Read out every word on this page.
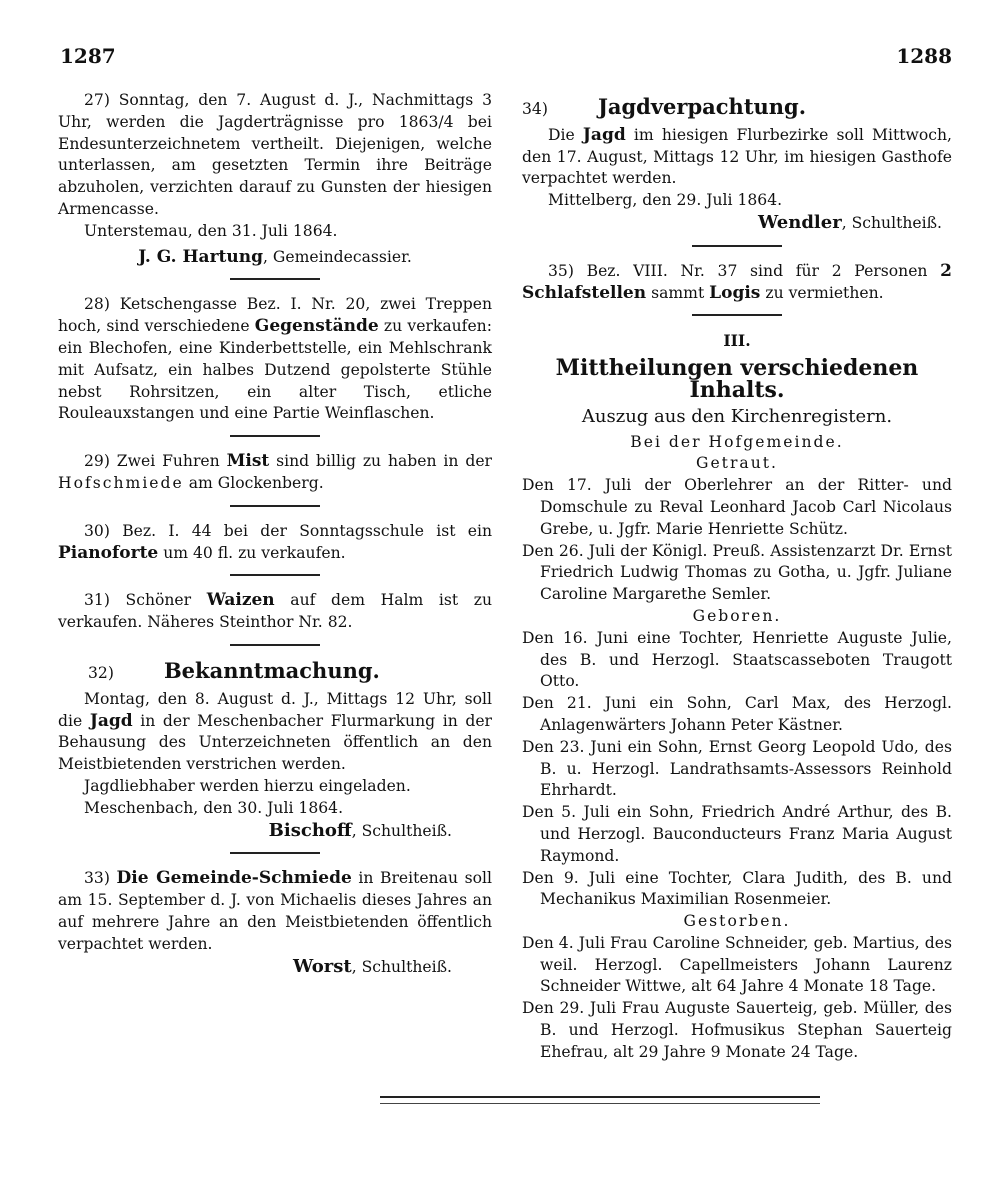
1287	1288

27) Sonntag, den 7. August d. J., Nachmittags 3 Uhr, werden die Jagderträgnisse pro 1863/4 bei Endesunterzeichnetem vertheilt. Diejenigen, welche unterlassen, am gesetzten Termin ihre Beiträge abzuholen, verzichten darauf zu Gunsten der hiesigen Armencasse.

Unterstemau, den 31. Juli 1864.

J. G. Hartung, Gemeindecassier.

28) Ketschengasse Bez. I. Nr. 20, zwei Treppen hoch, sind verschiedene Gegenstände zu verkaufen: ein Blechofen, eine Kinderbettstelle, ein Mehlschrank mit Aufsatz, ein halbes Dutzend gepolsterte Stühle nebst Rohrsitzen, ein alter Tisch, etliche Rouleauxstangen und eine Partie Weinflaschen.

29) Zwei Fuhren Mist sind billig zu haben in der Hofschmiede am Glockenberg.

30) Bez. I. 44 bei der Sonntagsschule ist ein Pianoforte um 40 fl. zu verkaufen.

31) Schöner Waizen auf dem Halm ist zu verkaufen. Näheres Steinthor Nr. 82.

32) Bekanntmachung.

Montag, den 8. August d. J., Mittags 12 Uhr, soll die Jagd in der Meschenbacher Flurmarkung in der Behausung des Unterzeichneten öffentlich an den Meistbietenden verstrichen werden.

Jagdliebhaber werden hierzu eingeladen.

Meschenbach, den 30. Juli 1864.

Bischoff, Schultheiß.

33) Die Gemeinde-Schmiede in Breitenau soll am 15. September d. J. von Michaelis dieses Jahres an auf mehrere Jahre an den Meistbietenden öffentlich verpachtet werden.

Worst, Schultheiß.

34) Jagdverpachtung.

Die Jagd im hiesigen Flurbezirke soll Mittwoch, den 17. August, Mittags 12 Uhr, im hiesigen Gasthofe verpachtet werden.

Mittelberg, den 29. Juli 1864.

Wendler, Schultheiß.

35) Bez. VIII. Nr. 37 sind für 2 Personen 2 Schlafstellen sammt Logis zu vermiethen.

III.

Mittheilungen verschiedenen Inhalts.

Auszug aus den Kirchenregistern.

Bei der Hofgemeinde.

Getraut.

Den 17. Juli der Oberlehrer an der Ritter- und Domschule zu Reval Leonhard Jacob Carl Nicolaus Grebe, u. Jgfr. Marie Henriette Schütz.

Den 26. Juli der Königl. Preuß. Assistenzarzt Dr. Ernst Friedrich Ludwig Thomas zu Gotha, u. Jgfr. Juliane Caroline Margarethe Semler.

Geboren.

Den 16. Juni eine Tochter, Henriette Auguste Julie, des B. und Herzogl. Staatscasseboten Traugott Otto.

Den 21. Juni ein Sohn, Carl Max, des Herzogl. Anlagenwärters Johann Peter Kästner.

Den 23. Juni ein Sohn, Ernst Georg Leopold Udo, des B. u. Herzogl. Landrathsamts-Assessors Reinhold Ehrhardt.

Den 5. Juli ein Sohn, Friedrich André Arthur, des B. und Herzogl. Bauconducteurs Franz Maria August Raymond.

Den 9. Juli eine Tochter, Clara Judith, des B. und Mechanikus Maximilian Rosenmeier.

Gestorben.

Den 4. Juli Frau Caroline Schneider, geb. Martius, des weil. Herzogl. Capellmeisters Johann Laurenz Schneider Wittwe, alt 64 Jahre 4 Monate 18 Tage.

Den 29. Juli Frau Auguste Sauerteig, geb. Müller, des B. und Herzogl. Hofmusikus Stephan Sauerteig Ehefrau, alt 29 Jahre 9 Monate 24 Tage.
